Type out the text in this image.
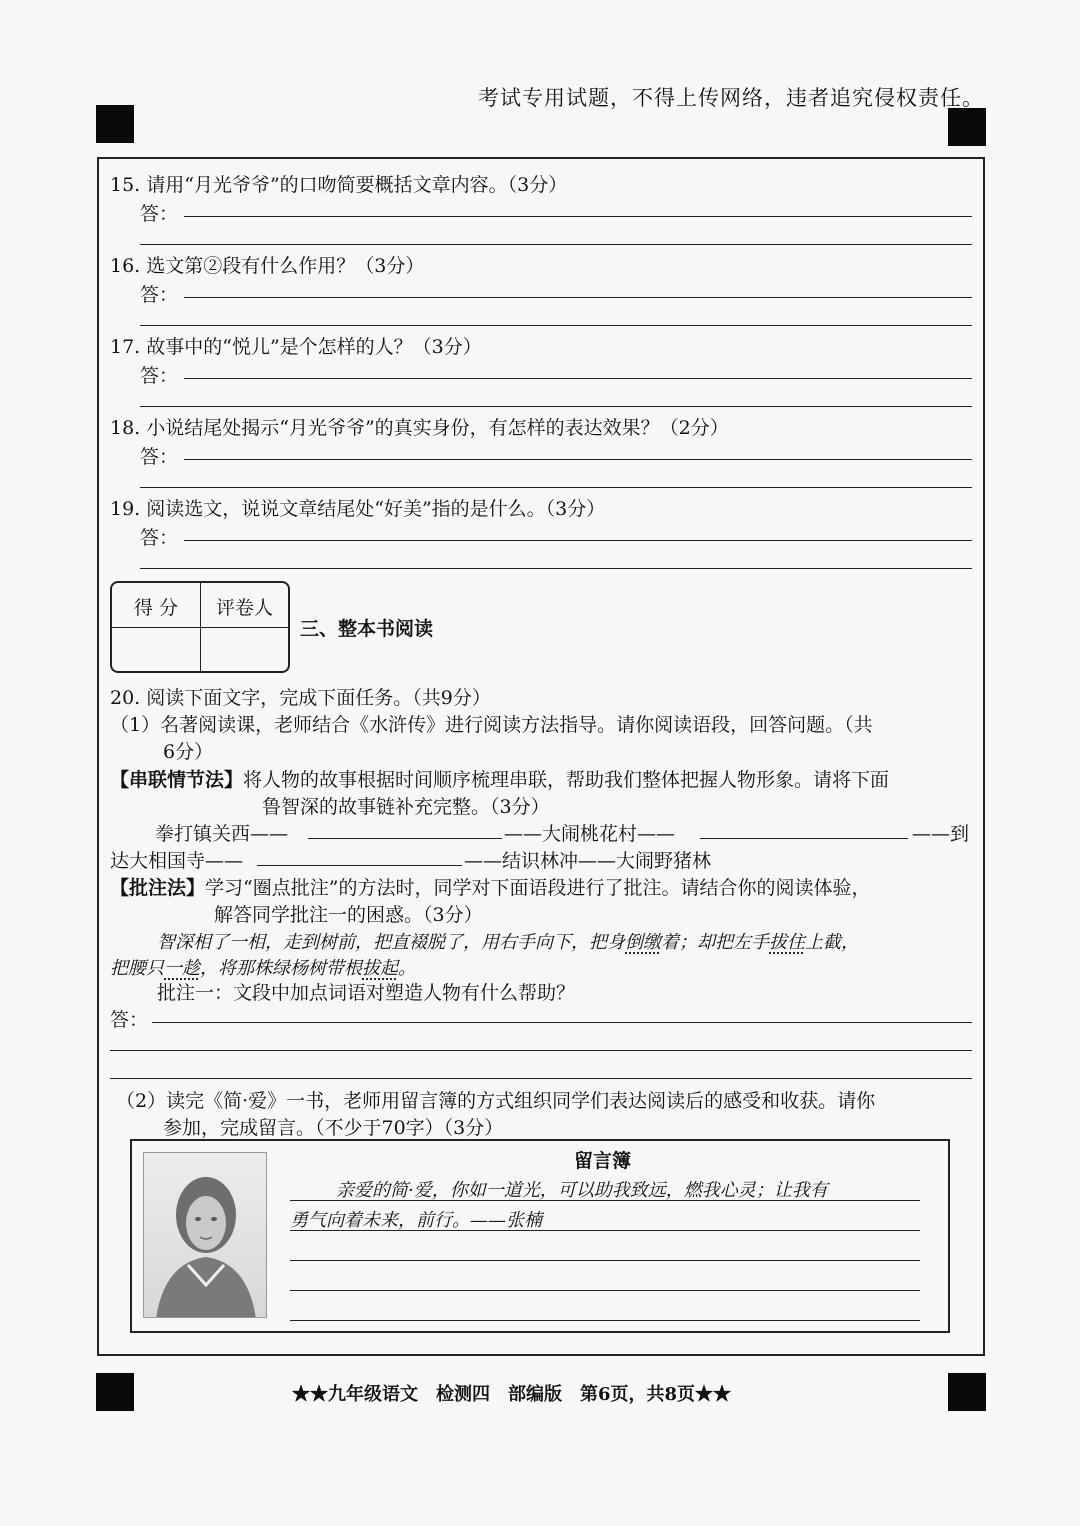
考试专用试题，不得上传网络，违者追究侵权责任。
15. 请用“月光爷爷”的口吻简要概括文章内容。（3分）
答：
16. 选文第②段有什么作用？（3分）
答：
17. 故事中的“悦儿”是个怎样的人？（3分）
答：
18. 小说结尾处揭示“月光爷爷”的真实身份，有怎样的表达效果？（2分）
答：
19. 阅读选文，说说文章结尾处“好美”指的是什么。（3分）
答：
得 分 评卷人
三、整本书阅读
20. 阅读下面文字，完成下面任务。（共9分）
（1）名著阅读课，老师结合《水浒传》进行阅读方法指导。请你阅读语段，回答问题。（共
6分）
【串联情节法】将人物的故事根据时间顺序梳理串联，帮助我们整体把握人物形象。请将下面
鲁智深的故事链补充完整。（3分）
拳打镇关西——	——大闹桃花村——	——到
达大相国寺——	——结识林冲——大闹野猪林
【批注法】学习“圈点批注”的方法时，同学对下面语段进行了批注。请结合你的阅读体验，
解答同学批注一的困惑。（3分）
智深相了一相，走到树前，把直裰脱了，用右手向下，把身倒缴着；却把左手拔住上截，
把腰只一趁，将那株绿杨树带根拔起。
批注一：文段中加点词语对塑造人物有什么帮助？
答：
（2）读完《简·爱》一书，老师用留言簿的方式组织同学们表达阅读后的感受和收获。请你
参加，完成留言。（不少于70字）（3分）
留言簿
亲爱的简·爱，你如一道光，可以助我致远，燃我心灵；让我有
勇气向着未来，前行。——张楠
★★九年级语文　检测四　部编版　第6页，共8页★★
